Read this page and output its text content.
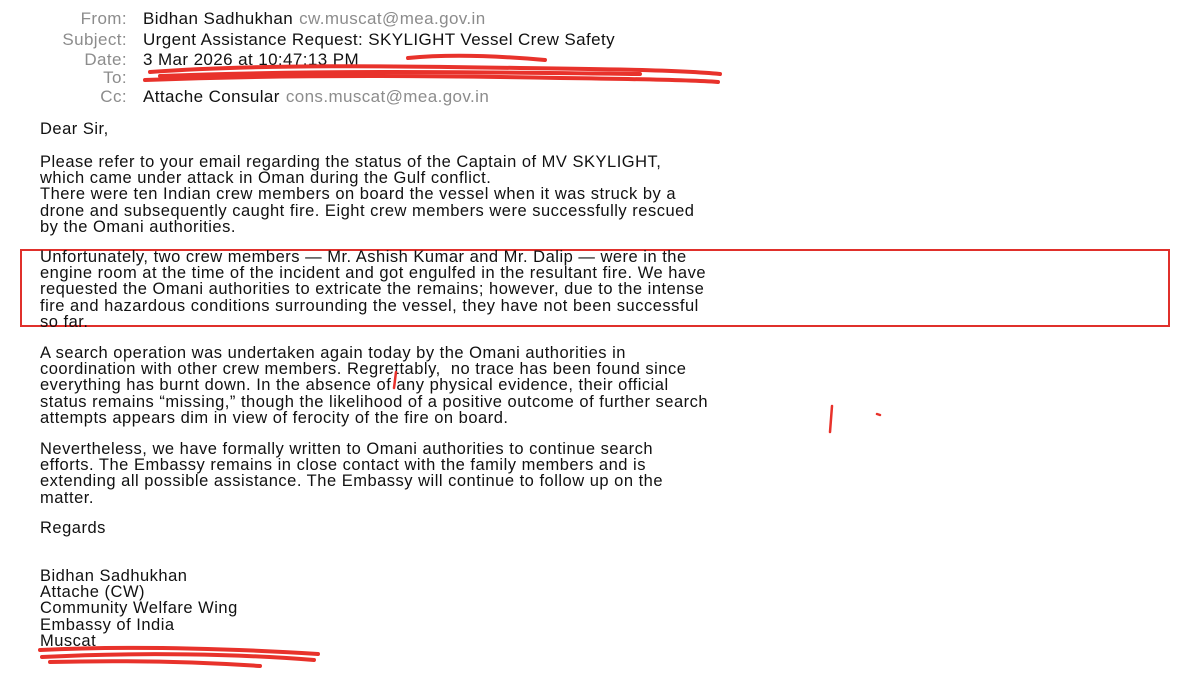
From: Bidhan Sadhukhan cw.muscat@mea.gov.in
Subject: Urgent Assistance Request: SKYLIGHT Vessel Crew Safety
Date: 3 Mar 2026 at 10:47:13 PM
To:
Cc: Attache Consular cons.muscat@mea.gov.in
Dear Sir,
Please refer to your email regarding the status of the Captain of MV SKYLIGHT,
which came under attack in Oman during the Gulf conflict.
There were ten Indian crew members on board the vessel when it was struck by a
drone and subsequently caught fire. Eight crew members were successfully rescued
by the Omani authorities.
Unfortunately, two crew members — Mr. Ashish Kumar and Mr. Dalip — were in the
engine room at the time of the incident and got engulfed in the resultant fire. We have
requested the Omani authorities to extricate the remains; however, due to the intense
fire and hazardous conditions surrounding the vessel, they have not been successful
so far.
A search operation was undertaken again today by the Omani authorities in
coordination with other crew members. Regrettably,  no trace has been found since
everything has burnt down. In the absence of any physical evidence, their official
status remains “missing,” though the likelihood of a positive outcome of further search
attempts appears dim in view of ferocity of the fire on board.
Nevertheless, we have formally written to Omani authorities to continue search
efforts. The Embassy remains in close contact with the family members and is
extending all possible assistance. The Embassy will continue to follow up on the
matter.
Regards
Bidhan Sadhukhan
Attache (CW)
Community Welfare Wing
Embassy of India
Muscat
